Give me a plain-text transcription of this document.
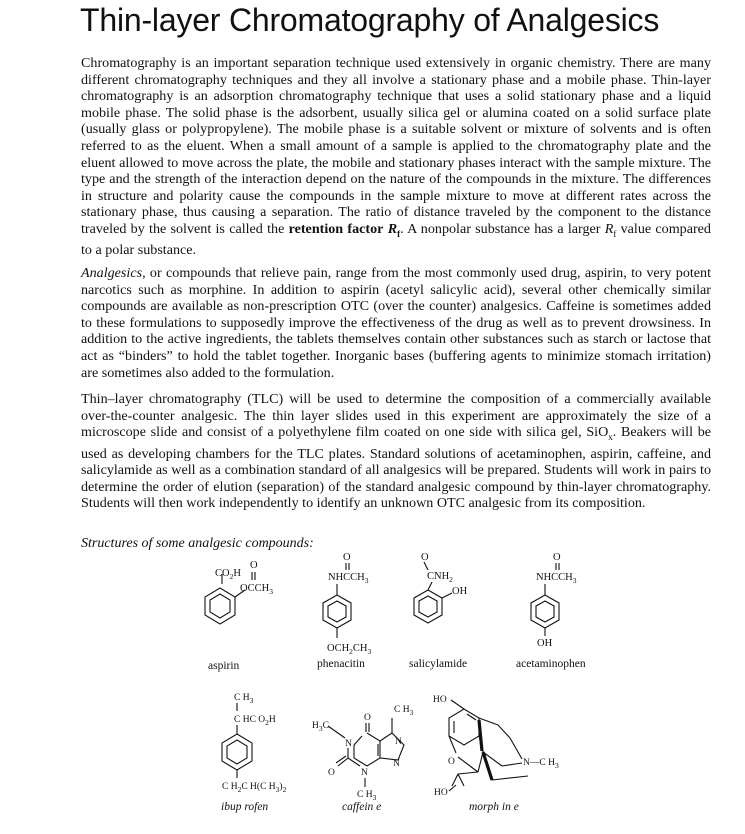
Thin-layer Chromatography of Analgesics

Chromatography is an important separation technique used extensively in organic chemistry. There are many different chromatography techniques and they all involve a stationary phase and a mobile phase. Thin-layer chromatography is an adsorption chromatography technique that uses a solid stationary phase and a liquid mobile phase. The solid phase is the adsorbent, usually silica gel or alumina coated on a solid surface plate (usually glass or polypropylene). The mobile phase is a suitable solvent or mixture of solvents and is often referred to as the eluent. When a small amount of a sample is applied to the chromatography plate and the eluent allowed to move across the plate, the mobile and stationary phases interact with the sample mixture. The type and the strength of the interaction depend on the nature of the compounds in the mixture. The differences in structure and polarity cause the compounds in the sample mixture to move at different rates across the stationary phase, thus causing a separation. The ratio of distance traveled by the component to the distance traveled by the solvent is called the retention factor $R_f$. A nonpolar substance has a larger $R_f$ value compared to a polar substance.

Analgesics, or compounds that relieve pain, range from the most commonly used drug, aspirin, to very potent narcotics such as morphine. In addition to aspirin (acetyl salicylic acid), several other chemically similar compounds are available as non-prescription OTC (over the counter) analgesics. Caffeine is sometimes added to these formulations to supposedly improve the effectiveness of the drug as well as to prevent drowsiness. In addition to the active ingredients, the tablets themselves contain other substances such as starch or lactose that act as “binders” to hold the tablet together. Inorganic bases (buffering agents to minimize stomach irritation) are sometimes also added to the formulation.

Thin–layer chromatography (TLC) will be used to determine the composition of a commercially available over-the-counter analgesic. The thin layer slides used in this experiment are approximately the size of a microscope slide and consist of a polyethylene film coated on one side with silica gel, SiO$_x$. Beakers will be used as developing chambers for the TLC plates. Standard solutions of acetaminophen, aspirin, caffeine, and salicylamide as well as a combination standard of all analgesics will be prepared. Students will work in pairs to determine the order of elution (separation) of the standard analgesic compound by thin-layer chromatography. Students will then work independently to identify an unknown OTC analgesic from its composition.

Structures of some analgesic compounds:

O
$CO_2H$
$OCCH_3$
aspirin
O
$NHCCH_3$
$OCH_2CH_3$
phenacitin
O
$CNH_2$
OH
salicylamide
O
$NHCCH_3$
OH
acetaminophen
C $H_3$
C HC $O_2H$
C $H_2C$ H(C $H_3)_2$
ibup rofen
$H_3C$
O
N
O	N
C $H_3$
N
N
C $H_3$
caffein e
HO
O	N—C $H_3$
HO
morph in e
